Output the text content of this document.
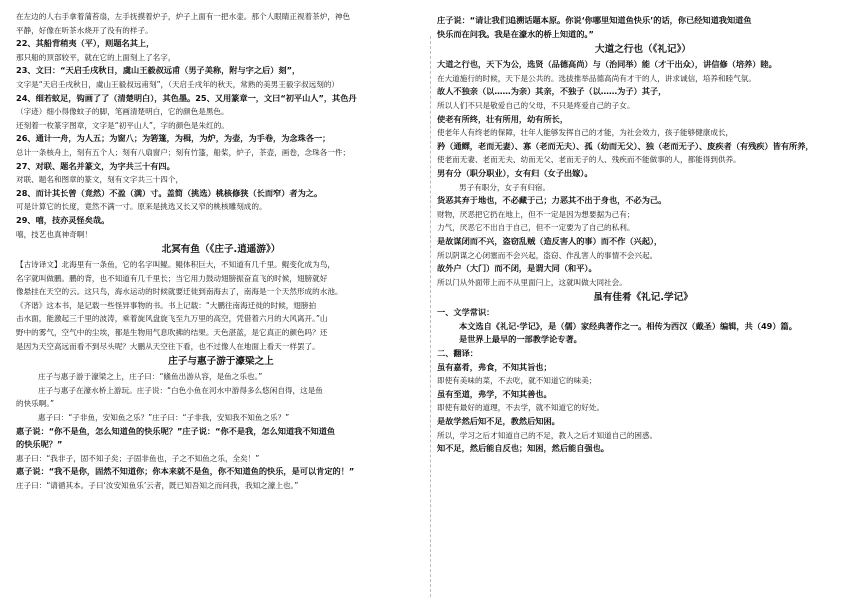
在左边的人右手拿着蒲苔扇，左手抚摸着炉子，炉子上面有一把水壶。那个人眼睛正视着茶炉，神色
平静，好像在听茶水烧开了没有的样子。
22、其船背稍夷（平），则题名其上，
那只船的顶部较平，就在它的上面刻上了名字，
23、文曰：“天启壬戌秋日，虞山王毅叔远甫（男子美称，附与字之后）刻”，
文字是“天启壬戌秋日，虞山王毅叔远甫刻”，（天启壬戌年的秋天，常熟的美男王毅字叔远刻的）
24、细若蚊足，钩画了了（清楚明白），其色墨。25、又用篆章一，文曰“初平山人”，其色丹
（字迹）细小得像蚊子的脚，笔画清楚明白，它的颜色是黑色。
还刻着一枚篆字图章，文字是“初平山人”，字的颜色是朱红的。
26、通计一舟，为人五；为窗八；为箬篷，为楫，为炉，为壶，为手卷，为念珠各一；
总计一条核舟上，刻有五个人；刻有八扇窗户；刻有竹篷，船桨，炉子，茶壶，画卷，念珠各一件；
27、对联、题名并篆文，为字共三十有四。
对联、题名和图章的篆文，刻有文字共三十四个，
28、而计其长曾（竟然）不盈（满）寸。盖简（挑选）桃核修狭（长而窄）者为之。
可是计算它的长度，竟然不满一寸。原来是挑选又长又窄的桃核雕刻成的。
29、嘻，技亦灵怪矣哉。
嘻，技艺也真神奇啊！
北冥有鱼（《庄子.逍遥游》）
【古诗译文】北海里有一条鱼，它的名字叫鲲。鲲体积巨大，不知道有几千里。鲲变化成为鸟，
名字就叫做鹏。鹏的背，也不知道有几千里长；当它用力鼓动翅膀振奋直飞的时候，翅膀就好
像悬挂在天空的云。这只鸟，海水运动的时候就要迁徙到南海去了，南海是一个天然形成的水池。
《齐谐》这本书，是记载一些怪异事物的书。书上记载：“大鹏往南海迁徙的时候，翅膀拍
击水面，能激起三千里的波涛，乘着旋风盘旋飞至九万里的高空，凭借着六月的大风离开。”山
野中的雾气，空气中的尘埃，都是生物用气息吹拂的结果。天色湛蓝，是它真正的颜色吗？还
是因为天空高远而看不到尽头呢？大鹏从天空往下看，也不过像人在地面上看天一样罢了。
庄子与惠子游于濠梁之上
庄子与惠子游于濠梁之上，庄子曰：“鯈鱼出游从容，是鱼之乐也。”
庄子与惠子在濠水桥上游玩。庄子说：“白色小鱼在河水中游得多么悠闲自得，这是鱼
的快乐啊。”
惠子曰：“子非鱼，安知鱼之乐？”庄子曰：“子非我，安知我不知鱼之乐？”
惠子说：“你不是鱼，怎么知道鱼的快乐呢？”庄子说：“你不是我，怎么知道我不知道鱼
的快乐呢？”
惠子曰：“我非子，固不知子矣；子固非鱼也，子之不知鱼之乐，全矣！”
惠子说：“我不是你，固然不知道你；你本来就不是鱼，你不知道鱼的快乐，是可以肯定的！”
庄子曰：“请循其本。子曰‘汝安知鱼乐’云者，既已知吾知之而问我，我知之濠上也。”
庄子说：“请让我们追溯话题本原。你说‘你哪里知道鱼快乐’的话，你已经知道我知道鱼
快乐而在问我。我是在濠水的桥上知道的。”
大道之行也（《礼记》）
大道之行也，天下为公，选贤（品德高尚）与（治同举）能（才干出众），讲信修（培养）睦。
在大道施行的时候，天下是公共的。选拔推举品德高尚有才干的人，讲求诚信，培养和睦气氛。
故人不独亲（以……为亲）其亲，不独子（以……为子）其子，
所以人们不只是敬爱自己的父母，不只是疼爱自己的子女。
使老有所终，壮有所用，幼有所长，
使老年人有终老的保障，壮年人能够发挥自己的才能，为社会效力，孩子能够健康成长，
矜（通鳏，老而无妻）、寡（老而无夫）、孤（幼而无父）、独（老而无子）、废疾者（有残疾）皆有所养，
使老而无妻、老而无夫、幼而无父、老而无子的人、残疾而不能做事的人，都能得到供养。
男有分（职分职业），女有归（女子出嫁）。
男子有职分，女子有归宿。
货恶其弃于地也，不必藏于己；力恶其不出于身也，不必为己。
财物，厌恶把它扔在地上，但不一定是因为想要据为己有；
力气，厌恶它不出自于自己，但不一定要为了自己的私利。
是故谋闭而不兴，盗窃乱贼（造反害人的事）而不作（兴起），
所以阴谋之心闭塞而不会兴起，盗窃、作乱害人的事情不会兴起。
故外户（大门）而不闭，是谓大同（和平）。
所以门从外面带上而不从里面闩上，这就叫做大同社会。
虽有佳肴《礼记.学记》
一、文学常识：
本文选自《礼记·学记》，是（儒）家经典著作之一。相传为西汉（戴圣）编辑，共（49）篇。
是世界上最早的一部教学论专著。
二、翻译：
虽有嘉肴，弗食，不知其旨也；
即使有美味的菜，不去吃，就不知道它的味美；
虽有至道，弗学，不知其善也。
即使有最好的道理，不去学，就不知道它的好处。
是故学然后知不足，教然后知困。
所以，学习之后才知道自己的不足，教人之后才知道自己的困惑。
知不足，然后能自反也；知困，然后能自强也。
